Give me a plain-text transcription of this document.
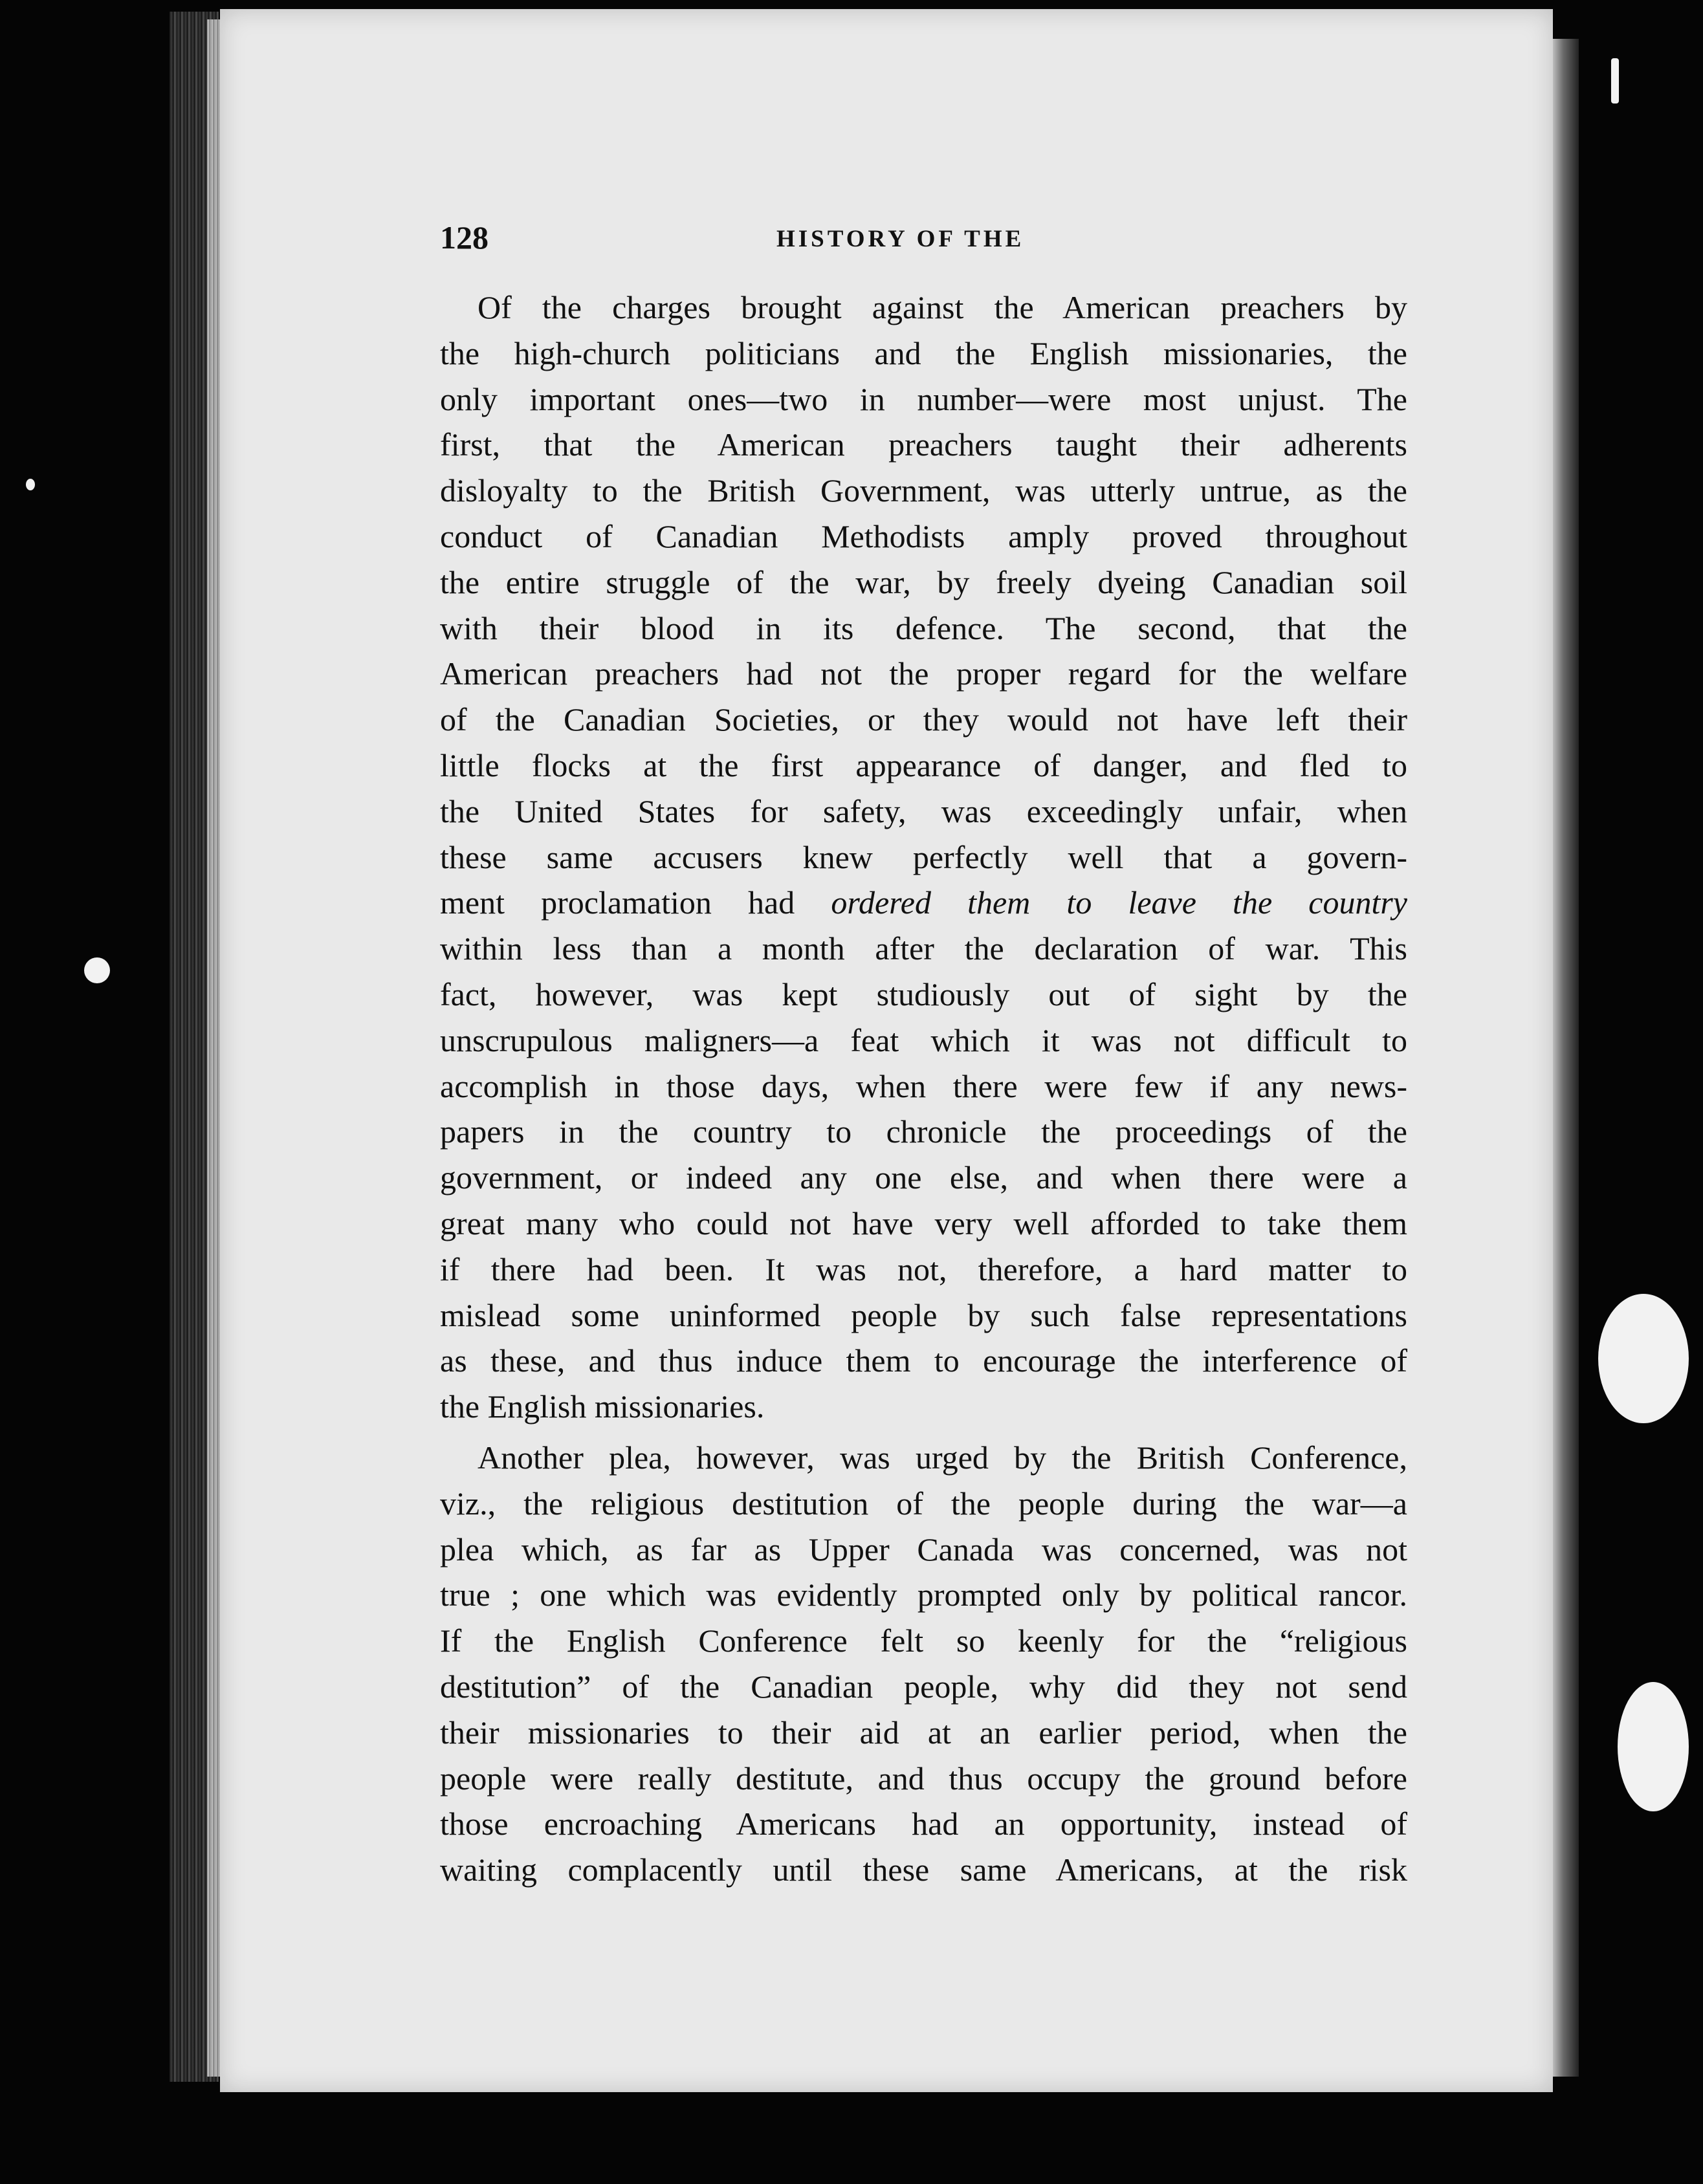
128	HISTORY OF THE
Of the charges brought against the American preachers by
the high-church politicians and the English missionaries, the
only important ones—two in number—were most unjust. The
first, that the American preachers taught their adherents
disloyalty to the British Government, was utterly untrue, as the
conduct of Canadian Methodists amply proved throughout
the entire struggle of the war, by freely dyeing Canadian soil
with their blood in its defence. The second, that the
American preachers had not the proper regard for the welfare
of the Canadian Societies, or they would not have left their
little flocks at the first appearance of danger, and fled to
the United States for safety, was exceedingly unfair, when
these same accusers knew perfectly well that a govern-
ment proclamation had ordered them to leave the country
within less than a month after the declaration of war. This
fact, however, was kept studiously out of sight by the
unscrupulous maligners—a feat which it was not difficult to
accomplish in those days, when there were few if any news-
papers in the country to chronicle the proceedings of the
government, or indeed any one else, and when there were a
great many who could not have very well afforded to take them
if there had been. It was not, therefore, a hard matter to
mislead some uninformed people by such false representations
as these, and thus induce them to encourage the interference of
the English missionaries.
Another plea, however, was urged by the British Conference,
viz., the religious destitution of the people during the war—a
plea which, as far as Upper Canada was concerned, was not
true ; one which was evidently prompted only by political rancor.
If the English Conference felt so keenly for the “religious
destitution” of the Canadian people, why did they not send
their missionaries to their aid at an earlier period, when the
people were really destitute, and thus occupy the ground before
those encroaching Americans had an opportunity, instead of
waiting complacently until these same Americans, at the risk
